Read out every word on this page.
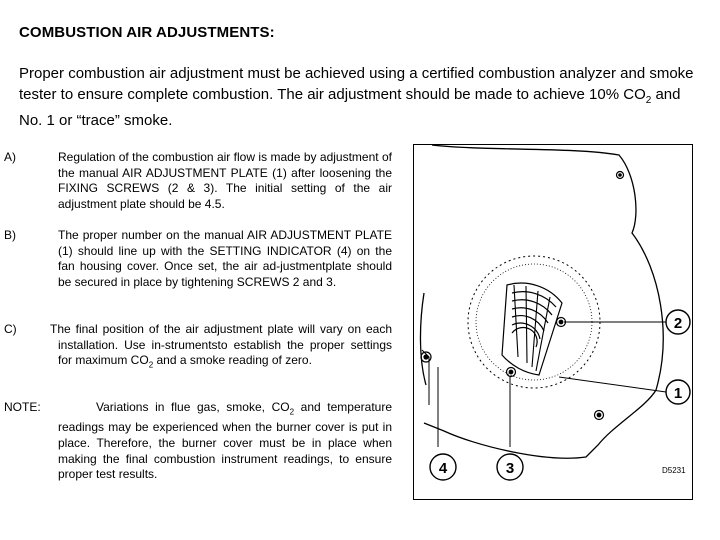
COMBUSTION AIR ADJUSTMENTS:
Proper combustion air adjustment must be achieved using a certified combustion analyzer and smoke tester to ensure complete combustion. The air adjustment should be made to achieve 10% $CO_2$ and No. 1 or “trace” smoke.
A)	Regulation of the combustion air flow is made by adjustment of the manual AIR ADJUSTMENT PLATE (1) after loosening the FIXING SCREWS (2 & 3). The initial setting of the air adjustment plate should be 4.5.
B)	The proper number on the manual AIR ADJUSTMENT PLATE (1) should line up with the SETTING INDICATOR (4) on the fan housing cover. Once set, the air ad-justmentplate should be secured in place by tightening SCREWS 2 and 3.
C)	The final position of the air adjustment plate will vary on each installation. Use in-strumentsto establish the proper settings for maximum $CO_2$ and a smoke reading of zero.
NOTE:	Variations in flue gas, smoke, $CO_2$ and temperature readings may be experienced when the burner cover is put in place. Therefore, the burner cover must be in place when making the final combustion instrument readings, to ensure proper test results.
2
1
3
4	D5231
